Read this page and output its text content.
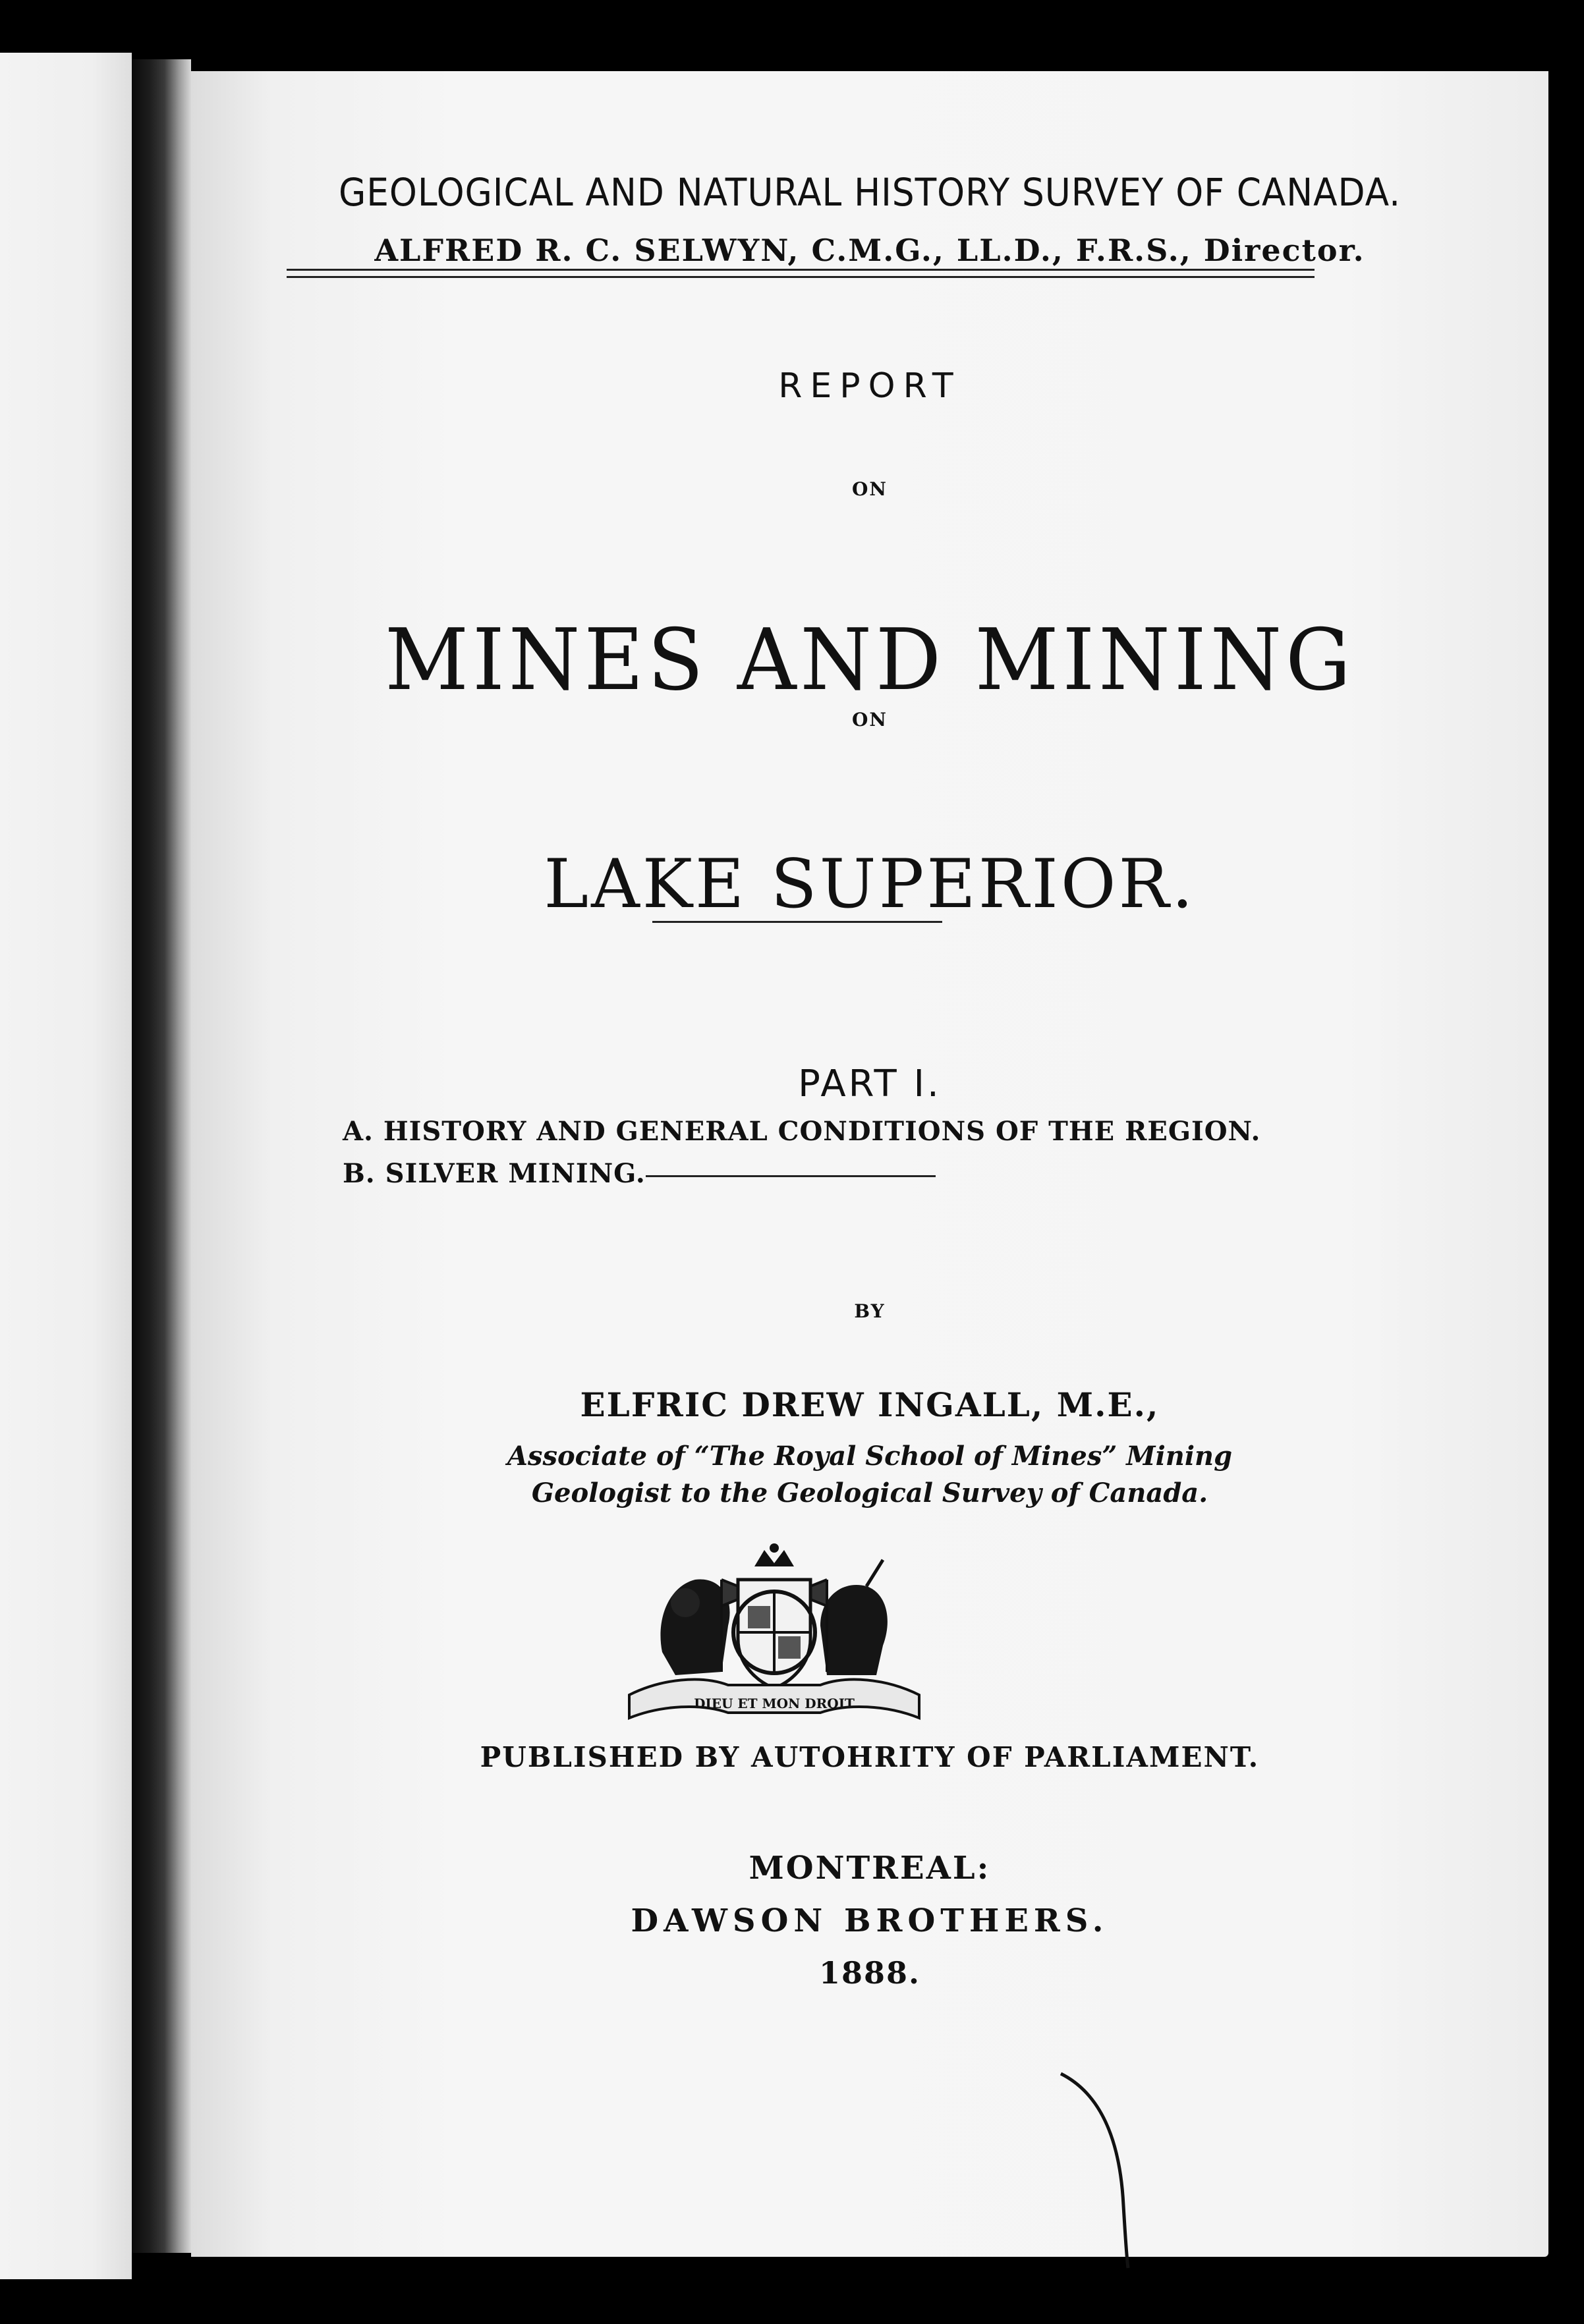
GEOLOGICAL AND NATURAL HISTORY SURVEY OF CANADA.
ALFRED R. C. SELWYN, C.M.G., LL.D., F.R.S., Director.
REPORT
ON
MINES AND MINING
ON
LAKE SUPERIOR.
PART I.
A. HISTORY AND GENERAL CONDITIONS OF THE REGION.
B. SILVER MINING.
BY
ELFRIC DREW INGALL, M.E.,
Associate of “The Royal School of Mines” Mining
Geologist to the Geological Survey of Canada.
DIEU ET MON DROIT
PUBLISHED BY AUTOHRITY OF PARLIAMENT.
MONTREAL:
DAWSON BROTHERS.
1888.
